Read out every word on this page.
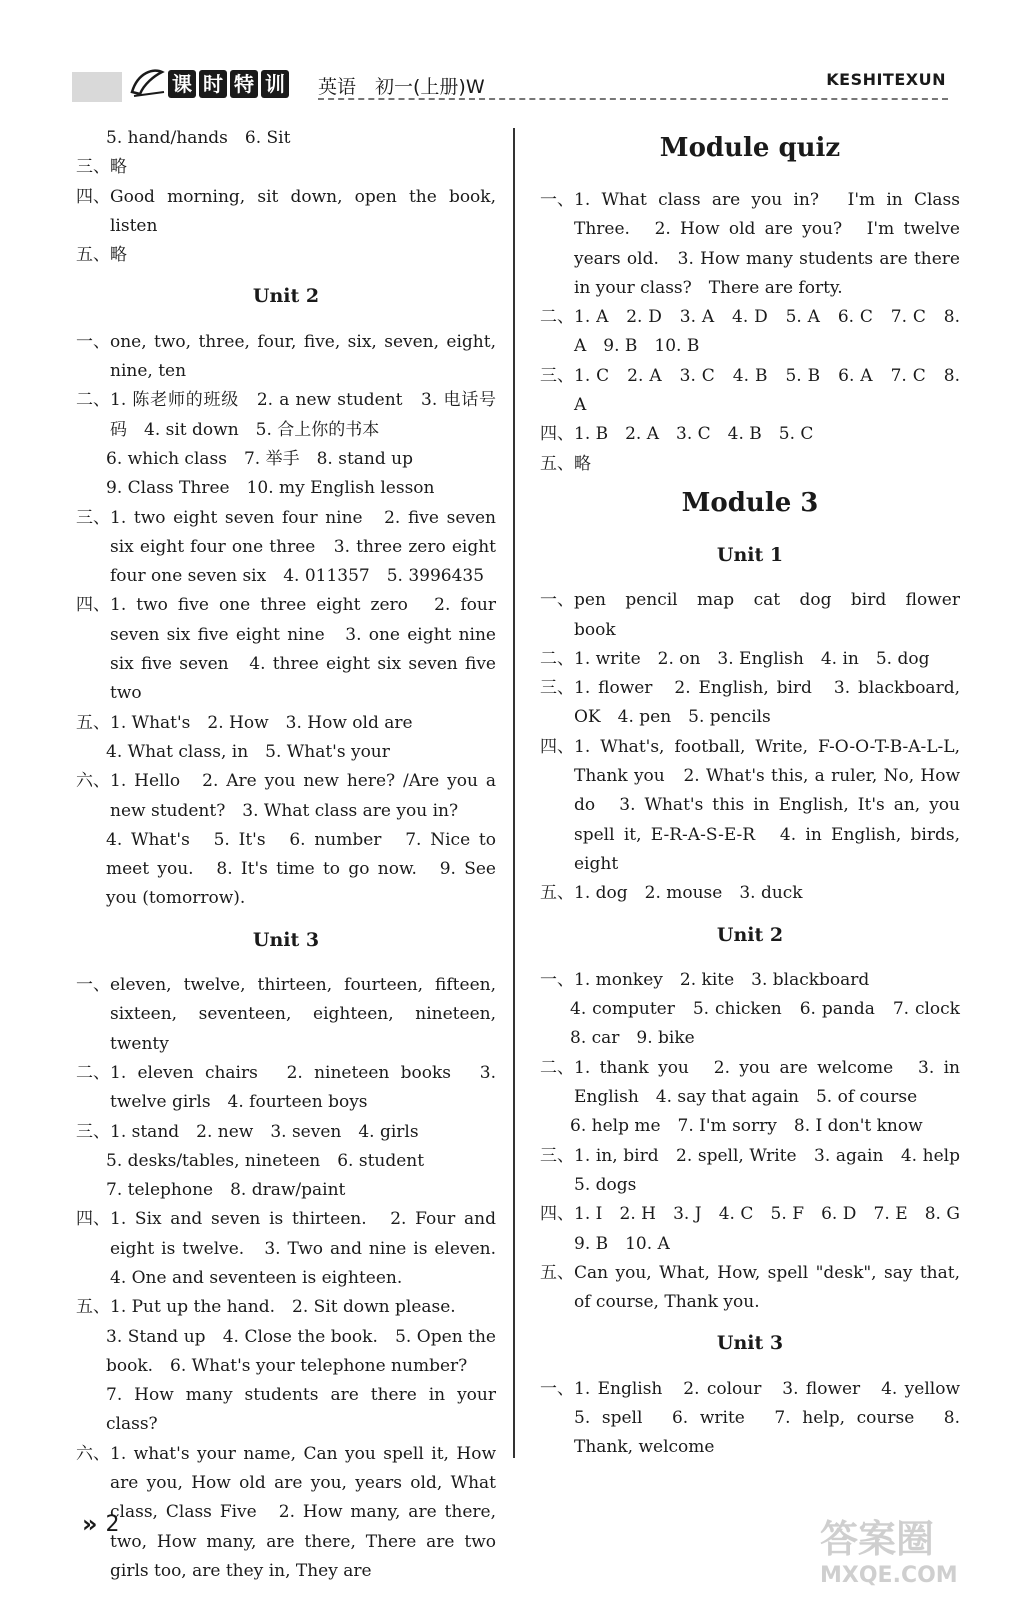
课 时 特 训 英语　初一(上册)W	KESHITEXUN
5. hand/hands　6. Sit
三、 略
四、 Good morning, sit down, open the book, listen
五、 略
Unit 2
一、 one, two, three, four, five, six, seven, eight, nine, ten
二、 1. 陈老师的班级　2. a new student　3. 电话号码　4. sit down　5. 合上你的书本
6. which class　7. 举手　8. stand up
9. Class Three　10. my English lesson
三、 1. two eight seven four nine　2. five seven six eight four one three　3. three zero eight four one seven six　4. 011357　5. 3996435
四、 1. two five one three eight zero　2. four seven six five eight nine　3. one eight nine six five seven　4. three eight six seven five two
五、 1. What's　2. How　3. How old are
4. What class, in　5. What's your
六、 1. Hello　2. Are you new here? /Are you a new student?　3. What class are you in?
4. What's　5. It's　6. number　7. Nice to meet you.　8. It's time to go now.　9. See you (tomorrow).
Unit 3
一、 eleven, twelve, thirteen, fourteen, fifteen, sixteen, seventeen, eighteen, nineteen, twenty
二、 1. eleven chairs　2. nineteen books　3. twelve girls　4. fourteen boys
三、 1. stand　2. new　3. seven　4. girls
5. desks/tables, nineteen　6. student
7. telephone　8. draw/paint
四、 1. Six and seven is thirteen.　2. Four and eight is twelve.　3. Two and nine is eleven.　4. One and seventeen is eighteen.
五、 1. Put up the hand.　2. Sit down please.
3. Stand up　4. Close the book.　5. Open the book.　6. What's your telephone number?
7. How many students are there in your class?
六、 1. what's your name, Can you spell it, How are you, How old are you, years old, What class, Class Five　2. How many, are there, two, How many, are there, There are two girls too, are they in, They are
Module quiz
一、 1. What class are you in?　I'm in Class Three.　2. How old are you?　I'm twelve years old.　3. How many students are there in your class?　There are forty.
二、 1. A　2. D　3. A　4. D　5. A　6. C　7. C　8. A　9. B　10. B
三、 1. C　2. A　3. C　4. B　5. B　6. A　7. C　8. A
四、 1. B　2. A　3. C　4. B　5. C
五、 略
Module 3
Unit 1
一、 pen　pencil　map　cat　dog　bird　flower　book
二、 1. write　2. on　3. English　4. in　5. dog
三、 1. flower　2. English, bird　3. blackboard, OK　4. pen　5. pencils
四、 1. What's, football, Write, F-O-O-T-B-A-L-L, Thank you　2. What's this, a ruler, No, How do　3. What's this in English, It's an, you spell it, E-R-A-S-E-R　4. in English, birds, eight
五、 1. dog　2. mouse　3. duck
Unit 2
一、 1. monkey　2. kite　3. blackboard
4. computer　5. chicken　6. panda　7. clock　8. car　9. bike
二、 1. thank you　2. you are welcome　3. in English　4. say that again　5. of course
6. help me　7. I'm sorry　8. I don't know
三、 1. in, bird　2. spell, Write　3. again　4. help　5. dogs
四、 1. I　2. H　3. J　4. C　5. F　6. D　7. E　8. G　9. B　10. A
五、 Can you, What, How, spell "desk", say that, of course, Thank you.
Unit 3
一、 1. English　2. colour　3. flower　4. yellow　5. spell　6. write　7. help, course　8. Thank, welcome
» 2	答案圈
MXQE.COM
